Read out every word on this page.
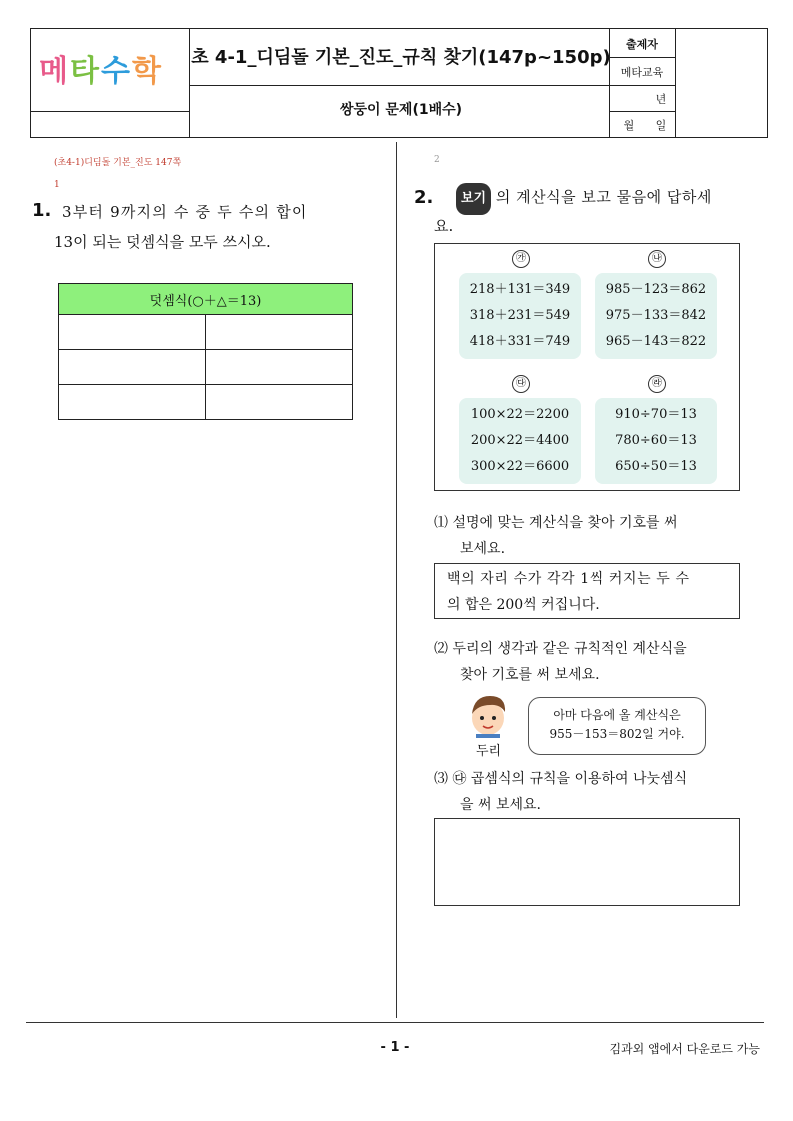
메 타 수 학 초 4-1_디딤돌 기본_진도_규칙 찾기(147p~150p)
쌍둥이 문제(1배수)
출제자
메타교육
년
월	일
(초4-1)디딤돌 기본_진도 147쪽
1
1. 3부터 9까지의 수 중 두 수의 합이
13이 되는 덧셈식을 모두 쓰시오.
덧셈식(○＋△＝13)	

2
2.	보기 의 계산식을 보고 물음에 답하세
요.
㉮	㉯
218＋131＝349
318＋231＝549
418＋331＝749
985－123＝862
975－133＝842
965－143＝822
㉰	㉱
100×22＝2200
200×22＝4400
300×22＝6600
910÷70＝13
780÷60＝13
650÷50＝13
⑴ 설명에 맞는 계산식을 찾아 기호를 써
보세요.
백의 자리 수가 각각 1씩 커지는 두 수
의 합은 200씩 커집니다.
⑵ 두리의 생각과 같은 규칙적인 계산식을
찾아 기호를 써 보세요.
두리
아마 다음에 올 계산식은
955－153＝802일 거야.
⑶ ㉰ 곱셈식의 규칙을 이용하여 나눗셈식
을 써 보세요.
- 1 -	김과외 앱에서 다운로드 가능
